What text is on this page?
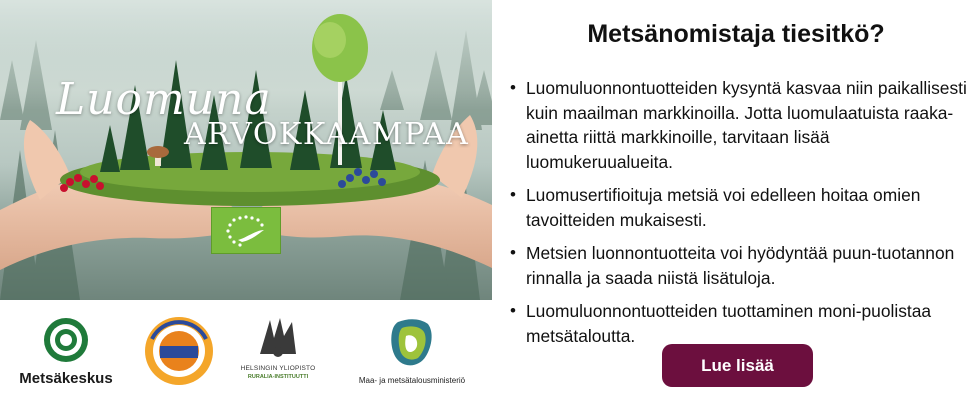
Luomuna
ARVOKKAAMPAA
Metsäkeskus
HELSINGIN YLIOPISTO
RURALIA-INSTITUUTTI	Maa- ja metsätalousministeriö
Metsänomistaja tiesitkö?
• Luomuluonnontuotteiden kysyntä kasvaa niin paikallisesti kuin maailman markkinoilla. Jotta luomulaatuista raaka-ainetta riittä markkinoille, tarvitaan lisää luomukeruualueita.
• Luomusertifioituja metsiä voi edelleen hoitaa omien tavoitteiden mukaisesti.
• Metsien luonnontuotteita voi hyödyntää puun-tuotannon rinnalla ja saada niistä lisätuloja.
• Luomuluonnontuotteiden tuottaminen moni-puolistaa metsätaloutta.
Lue lisää
